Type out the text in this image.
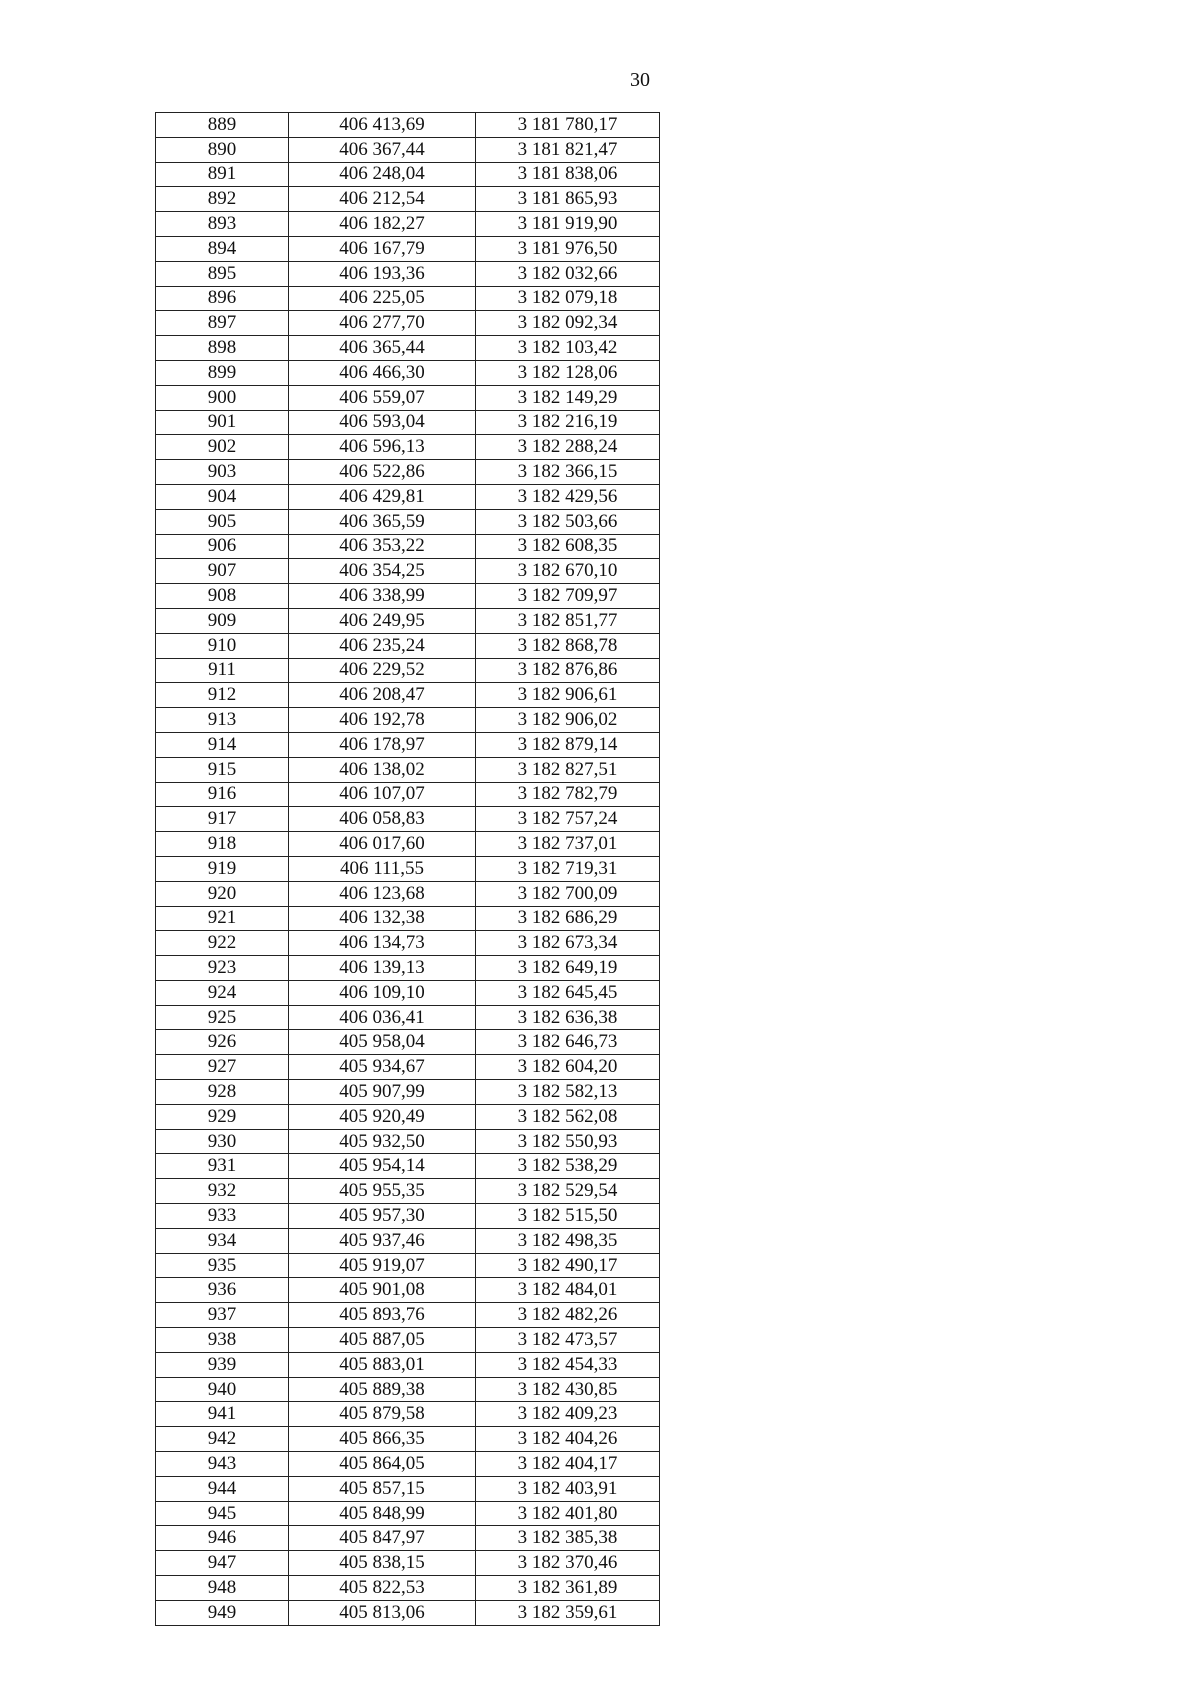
30
889	406 413,69	3 181 780,17
890	406 367,44	3 181 821,47
891	406 248,04	3 181 838,06
892	406 212,54	3 181 865,93
893	406 182,27	3 181 919,90
894	406 167,79	3 181 976,50
895	406 193,36	3 182 032,66
896	406 225,05	3 182 079,18
897	406 277,70	3 182 092,34
898	406 365,44	3 182 103,42
899	406 466,30	3 182 128,06
900	406 559,07	3 182 149,29
901	406 593,04	3 182 216,19
902	406 596,13	3 182 288,24
903	406 522,86	3 182 366,15
904	406 429,81	3 182 429,56
905	406 365,59	3 182 503,66
906	406 353,22	3 182 608,35
907	406 354,25	3 182 670,10
908	406 338,99	3 182 709,97
909	406 249,95	3 182 851,77
910	406 235,24	3 182 868,78
911	406 229,52	3 182 876,86
912	406 208,47	3 182 906,61
913	406 192,78	3 182 906,02
914	406 178,97	3 182 879,14
915	406 138,02	3 182 827,51
916	406 107,07	3 182 782,79
917	406 058,83	3 182 757,24
918	406 017,60	3 182 737,01
919	406 111,55	3 182 719,31
920	406 123,68	3 182 700,09
921	406 132,38	3 182 686,29
922	406 134,73	3 182 673,34
923	406 139,13	3 182 649,19
924	406 109,10	3 182 645,45
925	406 036,41	3 182 636,38
926	405 958,04	3 182 646,73
927	405 934,67	3 182 604,20
928	405 907,99	3 182 582,13
929	405 920,49	3 182 562,08
930	405 932,50	3 182 550,93
931	405 954,14	3 182 538,29
932	405 955,35	3 182 529,54
933	405 957,30	3 182 515,50
934	405 937,46	3 182 498,35
935	405 919,07	3 182 490,17
936	405 901,08	3 182 484,01
937	405 893,76	3 182 482,26
938	405 887,05	3 182 473,57
939	405 883,01	3 182 454,33
940	405 889,38	3 182 430,85
941	405 879,58	3 182 409,23
942	405 866,35	3 182 404,26
943	405 864,05	3 182 404,17
944	405 857,15	3 182 403,91
945	405 848,99	3 182 401,80
946	405 847,97	3 182 385,38
947	405 838,15	3 182 370,46
948	405 822,53	3 182 361,89
949	405 813,06	3 182 359,61
